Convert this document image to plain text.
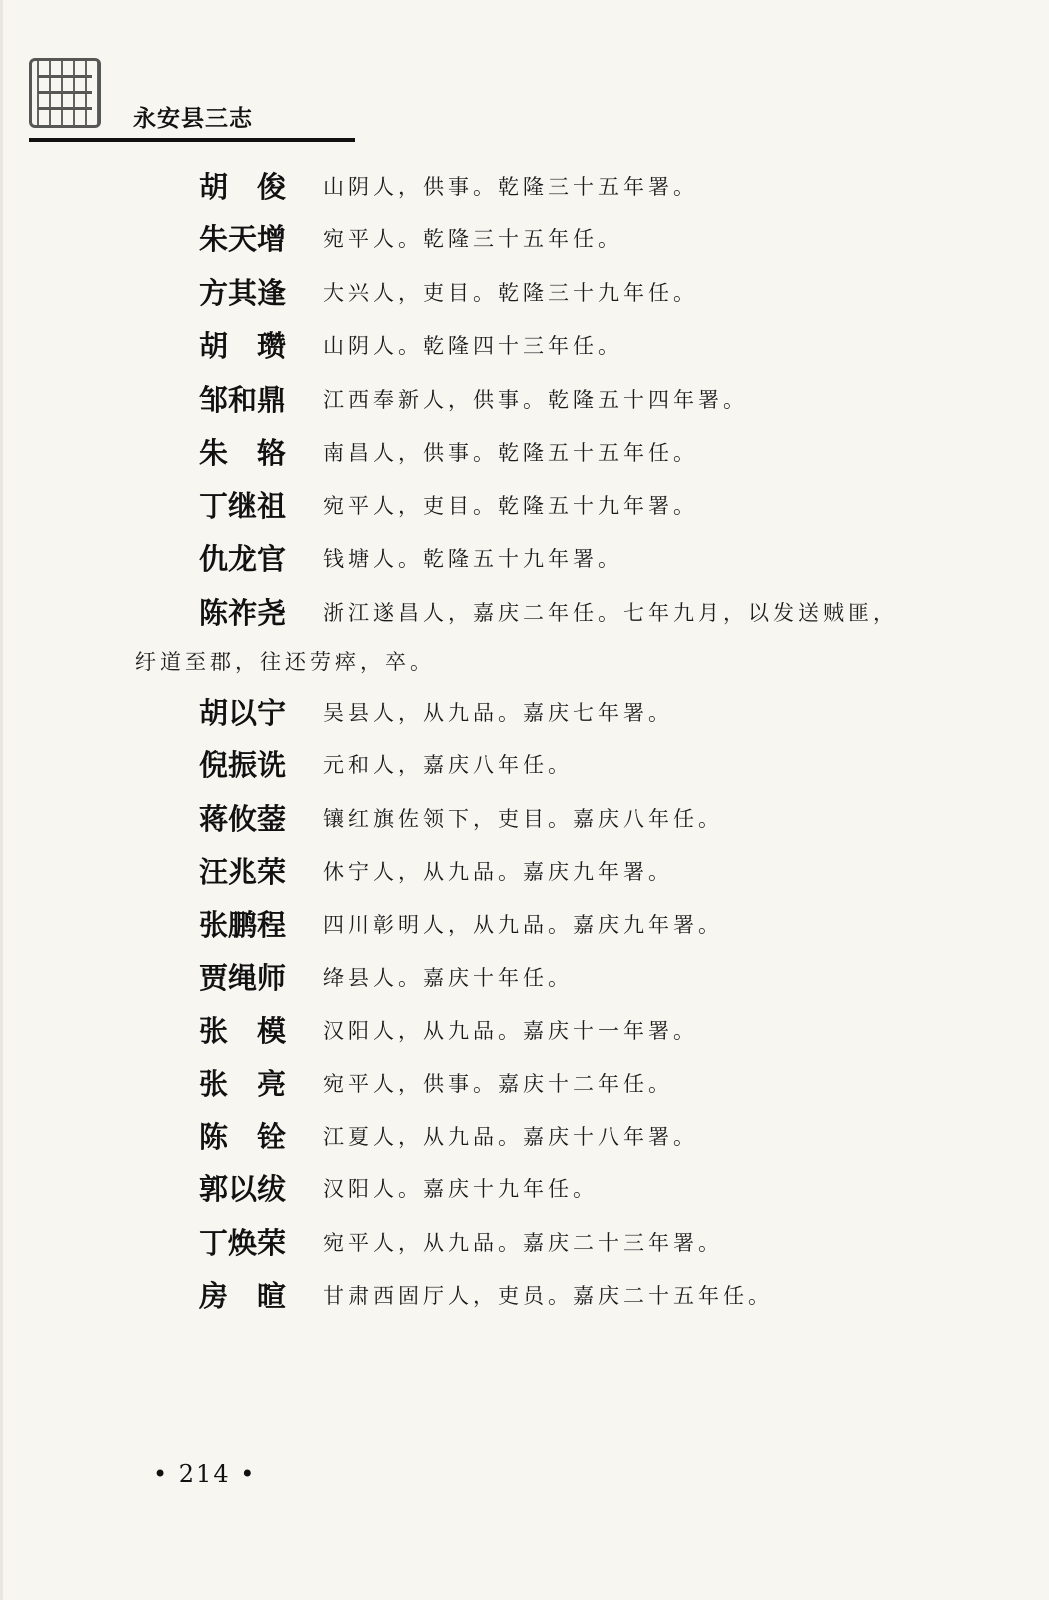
永安县三志
胡　俊	山阴人，供事。乾隆三十五年署。
朱天增	宛平人。乾隆三十五年任。
方其逢	大兴人，吏目。乾隆三十九年任。
胡　瓒	山阴人。乾隆四十三年任。
邹和鼎	江西奉新人，供事。乾隆五十四年署。
朱　辂	南昌人，供事。乾隆五十五年任。
丁继祖	宛平人，吏目。乾隆五十九年署。
仇龙官	钱塘人。乾隆五十九年署。
陈祚尧	浙江遂昌人，嘉庆二年任。七年九月，以发送贼匪，
纡道至郡，往还劳瘁，卒。
胡以宁	吴县人，从九品。嘉庆七年署。
倪振诜	元和人，嘉庆八年任。
蒋攸蓥	镶红旗佐领下，吏目。嘉庆八年任。
汪兆荣	休宁人，从九品。嘉庆九年署。
张鹏程	四川彰明人，从九品。嘉庆九年署。
贾绳师	绛县人。嘉庆十年任。
张　模	汉阳人，从九品。嘉庆十一年署。
张　亮	宛平人，供事。嘉庆十二年任。
陈　铨	江夏人，从九品。嘉庆十八年署。
郭以绂	汉阳人。嘉庆十九年任。
丁焕荣	宛平人，从九品。嘉庆二十三年署。
房　暄	甘肃西固厅人，吏员。嘉庆二十五年任。
• 214 •
